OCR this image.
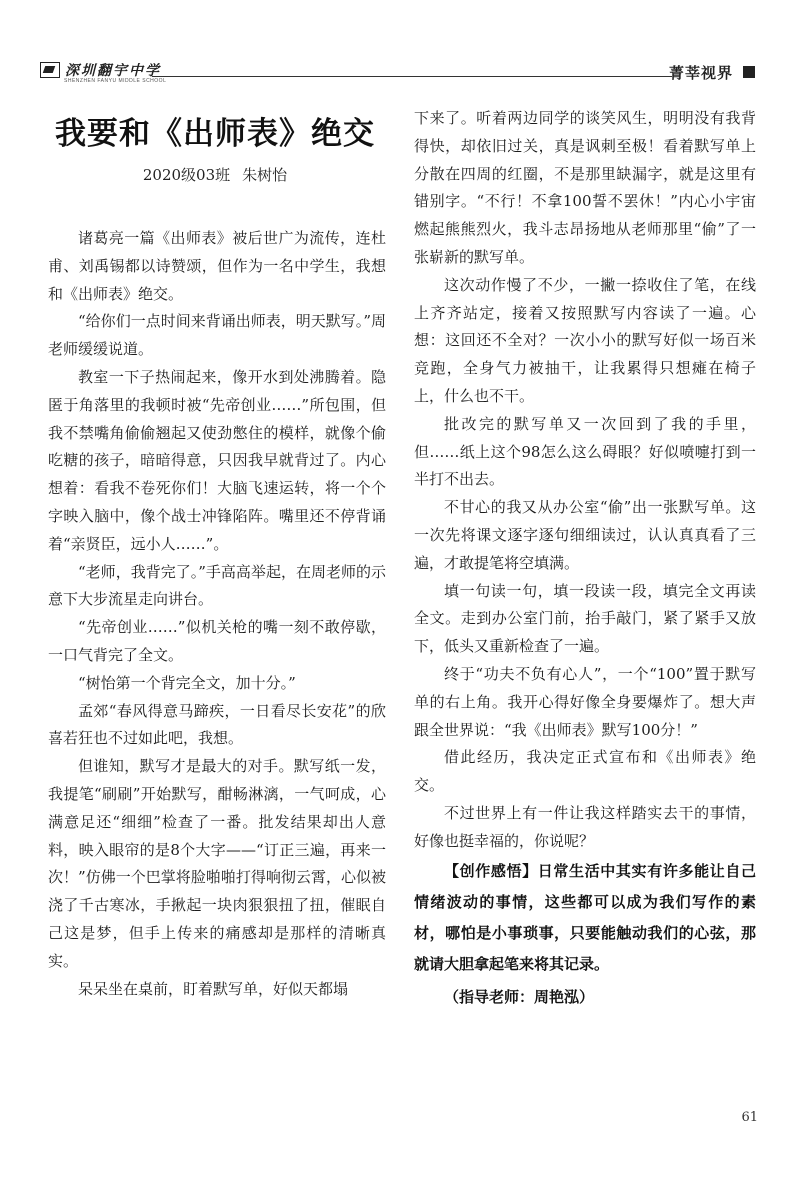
深圳翻宇中学
SHENZHEN FANYU MIDDLE SCHOOL	菁莘视界
我要和《出师表》绝交
2020级03班 朱树怡

诸葛亮一篇《出师表》被后世广为流传，连杜甫、刘禹锡都以诗赞颂，但作为一名中学生，我想和《出师表》绝交。

“给你们一点时间来背诵出师表，明天默写。”周老师缓缓说道。

教室一下子热闹起来，像开水到处沸腾着。隐匿于角落里的我顿时被“先帝创业……”所包围，但我不禁嘴角偷偷翘起又使劲憋住的模样，就像个偷吃糖的孩子，暗暗得意，只因我早就背过了。内心想着：看我不卷死你们！大脑飞速运转，将一个个字映入脑中，像个战士冲锋陷阵。嘴里还不停背诵着“亲贤臣，远小人……”。

“老师，我背完了。”手高高举起，在周老师的示意下大步流星走向讲台。

“先帝创业……”似机关枪的嘴一刻不敢停歇，一口气背完了全文。

“树怡第一个背完全文，加十分。”

孟郊“春风得意马蹄疾，一日看尽长安花”的欣喜若狂也不过如此吧，我想。

但谁知，默写才是最大的对手。默写纸一发，我提笔“刷刷”开始默写，酣畅淋漓，一气呵成，心满意足还“细细”检查了一番。批发结果却出人意料，映入眼帘的是8个大字——“订正三遍，再来一次！”仿佛一个巴掌将脸啪啪打得响彻云霄，心似被浇了千古寒冰，手揪起一块肉狠狠扭了扭，催眠自己这是梦，但手上传来的痛感却是那样的清晰真实。

呆呆坐在桌前，盯着默写单，好似天都塌

下来了。听着两边同学的谈笑风生，明明没有我背得快，却依旧过关，真是讽刺至极！看着默写单上分散在四周的红圈，不是那里缺漏字，就是这里有错别字。“不行！不拿100誓不罢休！”内心小宇宙燃起熊熊烈火，我斗志昂扬地从老师那里“偷”了一张崭新的默写单。

这次动作慢了不少，一撇一捺收住了笔，在线上齐齐站定，接着又按照默写内容读了一遍。心想：这回还不全对？一次小小的默写好似一场百米竞跑，全身气力被抽干，让我累得只想瘫在椅子上，什么也不干。

批改完的默写单又一次回到了我的手里，但……纸上这个98怎么这么碍眼？好似喷嚏打到一半打不出去。

不甘心的我又从办公室“偷”出一张默写单。这一次先将课文逐字逐句细细读过，认认真真看了三遍，才敢提笔将空填满。

填一句读一句，填一段读一段，填完全文再读全文。走到办公室门前，抬手敲门，紧了紧手又放下，低头又重新检查了一遍。

终于“功夫不负有心人”，一个“100”置于默写单的右上角。我开心得好像全身要爆炸了。想大声跟全世界说：“我《出师表》默写100分！”

借此经历，我决定正式宣布和《出师表》绝交。

不过世界上有一件让我这样踏实去干的事情，好像也挺幸福的，你说呢？

【创作感悟】日常生活中其实有许多能让自己情绪波动的事情，这些都可以成为我们写作的素材，哪怕是小事琐事，只要能触动我们的心弦，那就请大胆拿起笔来将其记录。

（指导老师：周艳泓）

61
